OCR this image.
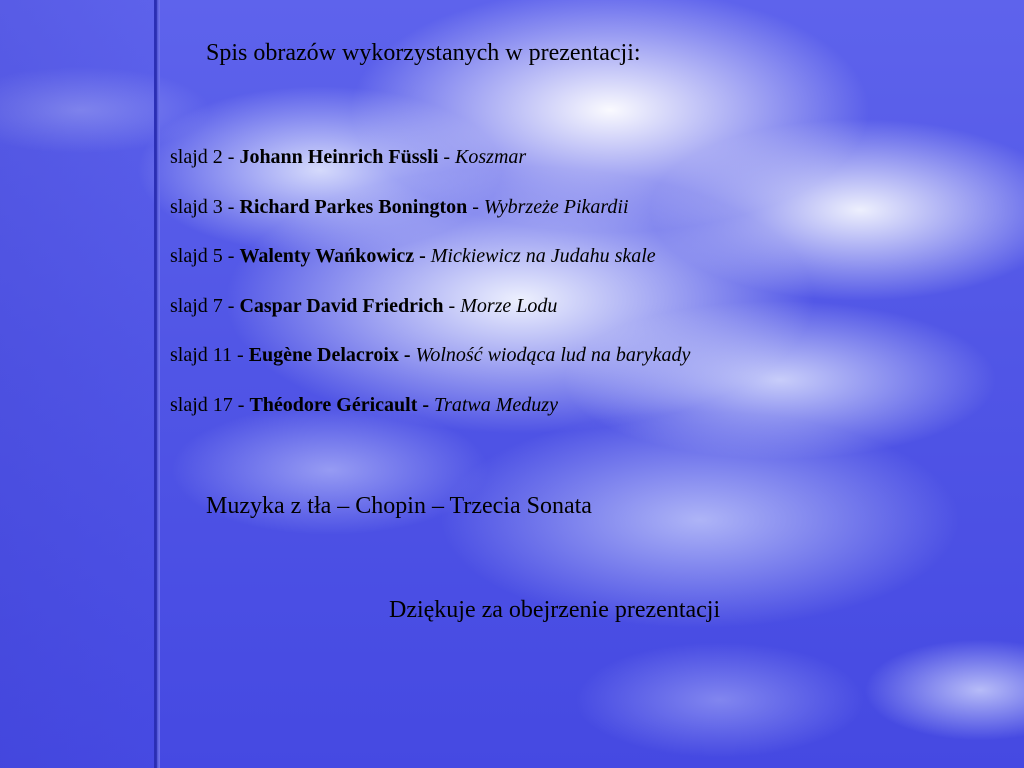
Spis obrazów wykorzystanych w prezentacji:
slajd 2 - Johann Heinrich Füssli - Koszmar
slajd 3 - Richard Parkes Bonington - Wybrzeże Pikardii
slajd 5 - Walenty Wańkowicz - Mickiewicz na Judahu skale
slajd 7 - Caspar David Friedrich - Morze Lodu
slajd 11 - Eugène Delacroix - Wolność wiodąca lud na barykady
slajd 17 - Théodore Géricault - Tratwa Meduzy
Muzyka z tła – Chopin – Trzecia Sonata
Dziękuje za obejrzenie prezentacji
